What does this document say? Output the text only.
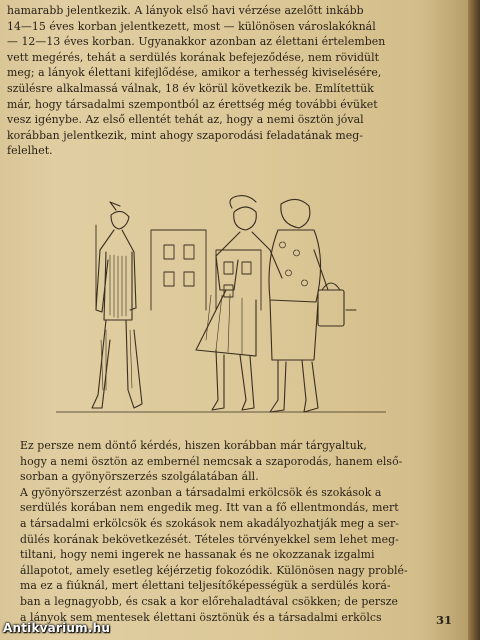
hamarabb jelentkezik. A lányok első havi vérzése azelőtt inkább
14—15 éves korban jelentkezett, most — különösen városlakóknál
— 12—13 éves korban. Ugyanakkor azonban az élettani értelemben
vett megérés, tehát a serdülés korának befejeződése, nem rövidült
meg; a lányok élettani kifejlődése, amikor a terhesség kiviselésére,
szülésre alkalmassá válnak, 18 év körül következik be. Említettük
már, hogy társadalmi szempontból az érettség még további évüket
vesz igénybe. Az első ellentét tehát az, hogy a nemi ösztön jóval
korábban jelentkezik, mint ahogy szaporodási feladatának meg-
felelhet.

Ez persze nem döntő kérdés, hiszen korábban már tárgyaltuk,
hogy a nemi ösztön az embernél nemcsak a szaporodás, hanem első-
sorban a gyönyörszerzés szolgálatában áll.

A gyönyörszerzést azonban a társadalmi erkölcsök és szokások a
serdülés korában nem engedik meg. Itt van a fő ellentmondás, mert
a társadalmi erkölcsök és szokások nem akadályozhatják meg a ser-
dülés korának bekövetkezését. Tételes törvényekkel sem lehet meg-
tiltani, hogy nemi ingerek ne hassanak és ne okozzanak izgalmi
állapotot, amely esetleg kéjérzetig fokozódik. Különösen nagy problé-
ma ez a fiúknál, mert élettani teljesítőképességük a serdülés korá-
ban a legnagyobb, és csak a kor előrehaladtával csökken; de persze
a lányok sem mentesek élettani ösztönük és a társadalmi erkölcs	31
Antikvarium.hu
